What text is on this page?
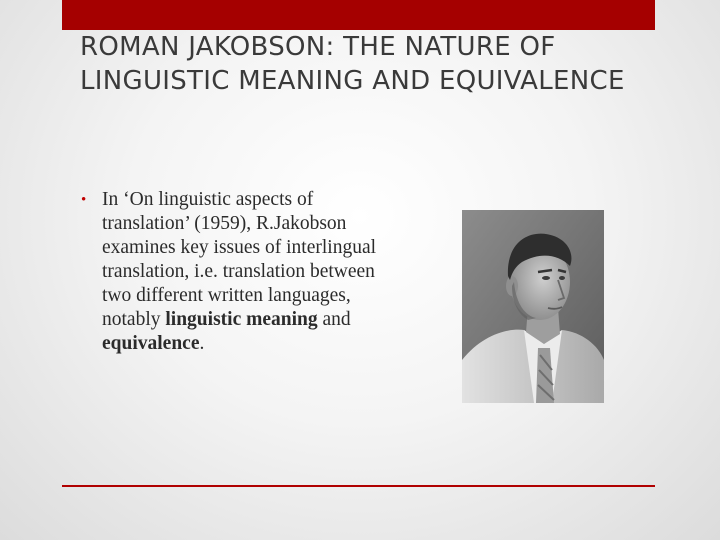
ROMAN JAKOBSON: THE NATURE OF LINGUISTIC MEANING AND EQUIVALENCE
• In ‘On linguistic aspects of translation’ (1959), R.Jakobson examines key issues of interlingual translation, i.e. translation between two different written languages, notably linguistic meaning and equivalence.
